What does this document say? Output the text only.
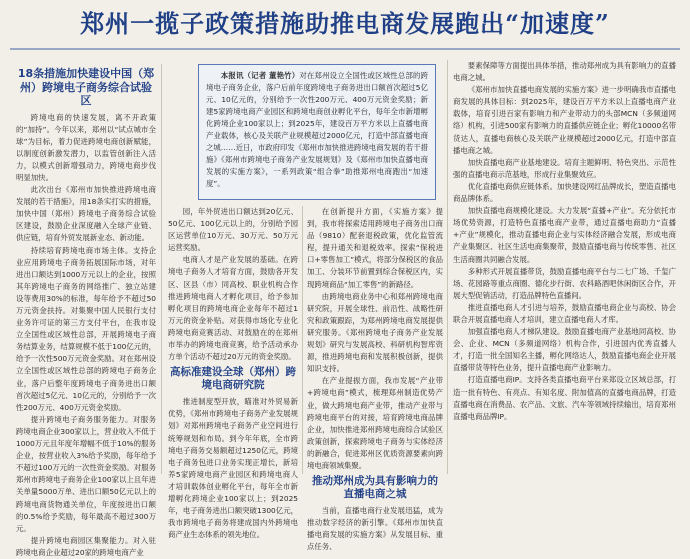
郑州一揽子政策措施助推电商发展跑出“加速度”
18条措施加快建设中国（郑州）跨境电子商务综合试验区

跨境电商的快速发展，离不开政策的“加持”。今年以来，郑州以“试点城市全球”为目标，着力促进跨境电商创新赋能，以制度创新激发潜力，以监管创新注入活力，以模式创新增强动力，跨境电商步伐明显加快。

此次出台《郑州市加快推进跨境电商发展的若干措施》，用18条实打实的措施，加快中国（郑州）跨境电子商务综合试验区建设，鼓励企业深度融入全球产业链、供应链，培育外贸发展新业态、新动能。

持续培育跨境电商市场主体。支持企业应用跨境电子商务拓展国际市场，对年进出口额达到1000万元以上的企业，按照其年跨境电子商务的网络推广、独立站建设等费用30%的标准，每年给予不超过50万元资金扶持。对集聚中国人民银行支付业务许可证的第三方支付平台，在我市设立全国性或区域性总部，开展跨境电子商务结算业务，结算规模不低于100亿元的，给予一次性500万元资金奖励。对在郑州设立全国性或区域性总部的跨境电子商务企业，落户后整年度跨境电子商务进出口额首次超过5亿元、10亿元的，分别给予一次性200万元、400万元资金奖励。

提升跨境电子商务服务能力。对服务跨境电商企业300家以上，营业收入不低于1000万元且年度年增幅不低于10%的服务企业，按营业收入3%给予奖励，每年给予不超过100万元的一次性资金奖励。对服务郑州市跨境电子商务企业100家以上且年进关单量5000万单、进出口额50亿元以上的跨境电商货物通关单位，年度按进出口额的0.5%给予奖励，每年最高不超过300万元。

提升跨境电商园区集聚能力。对入驻跨境电商企业超过20家的跨境电商产业

本报讯（记者 董艳竹）对在郑州设立全国性或区域性总部的跨境电子商务企业，落户后前年度跨境电子商务进出口额首次超过5亿元、10亿元的，分别给予一次性200万元、400万元资金奖励；新建5家跨境电商产业园区和跨境电商创业孵化平台，每年全市新增孵化跨境企业100家以上；到2025年，建设百万平方米以上直播电商产业载体，核心及关联产业规模超过2000亿元，打造中部直播电商之城……近日，市政府印发《郑州市加快推进跨境电商发展的若干措施》《郑州市跨境电子商务产业发展规划》及《郑州市加快直播电商发展的实施方案》，一系列政策“组合拳”助推郑州电商跑出“加速度”。

园，年外贸进出口额达到20亿元、50亿元、100亿元以上的，分别给予园区运营单位10万元、30万元、50万元运营奖励。

电商人才是产业发展的基础。在跨境电子商务人才培育方面，鼓励各开发区、区县（市）同高校、职业机构合作推进跨境电商人才孵化项目，给予参加孵化项目的跨境电商企业每年不超过1万元的资金补贴。对获得市场化专业化跨境电商竞赛活动、对鼓励在的在郑州市举办的跨境电商竞赛，给予活动承办方单个活动不超过20万元的资金奖励。

高标准建设全球（郑州）跨境电商研究院

推进制度型开放，瞄准对外贸易新优势，《郑州市跨境电子商务产业发展规划》对郑州跨境电子商务产业空间进行统筹规划和布局。到今年年底，全市跨境电子商务交易额超过1250亿元，跨境电子商务包进口业务实现正增长，新培养5家跨境电商产业园区和跨境电商人才培训载体创业孵化平台，每年全市新增孵化跨境企业100家以上；到2025年，电子商务进出口额突破1300亿元，我市跨境电子商务将建成国内外跨境电商产业生态体系的领先地位。

在创新提升方面，《实施方案》提到，我市将探索适用跨境电子商务出口商品（9810）配套退税政策，优化监管流程，提升通关和退税效率。探索“保税进口+零售加工”模式，将部分保税区的食品加工、分装环节前置到综合保税区内，实现跨境商品“加工零售”的新路径。

由跨境电商业务中心和郑州跨境电商研究院，开展全球性、前沿性、战略性研究和政策跟踪，为郑州跨境电商发展提供研究服务。《郑州跨境电子商务产业发展规划》研究与发展高校、科研机构智库资源，推进跨境电商和发展积极创新，提供知识支持。

在产业提振方面，我市发展“产业带+跨境电商”模式，梳理郑州制造优势产业，做大跨境电商产业带，推动产业带与跨境电商平台的对接，培育跨境电商品牌企业，加快推进郑州跨境电商综合试验区政策创新，探索跨境电子商务与实体经济的新融合，促进郑州区优质资源要素向跨境电商领域集聚。

推动郑州成为具有影响力的直播电商之城

当前，直播电商行业发展迅猛，成为推动数字经济的新引擎。《郑州市加快直播电商发展的实施方案》从发展目标、重点任务、

要素保障等方面提出具体举措，推动郑州成为具有影响力的直播电商之城。

《郑州市加快直播电商发展的实施方案》进一步明确我市直播电商发展的具体目标：到2025年，建设百万平方米以上直播电商产业载体，培育引进百家有影响力和产业带动力的头部MCN（多频道网络）机构，引进500家有影响力的直播供应链企业；孵化10000名带货达人，直播电商核心及关联产业规模超过2000亿元，打造中部直播电商之城。

加快直播电商产业基地建设。培育主题鲜明、特色突出、示范性强的直播电商示范基地，形成行业集聚效应。

优化直播电商供应链体系。加快建设网红品牌成长，塑造直播电商品牌体系。

加快直播电商规模化建设。大力发展“直播+产业”。充分依托市场优势资源，打造特色直播电商产业带，通过直播电商助力“直播+产业”规模化，推动直播电商企业与实体经济融合发展，形成电商产业集聚区、社区生活电商集聚带，鼓励直播电商与传统零售、社区生活商圈共同融合发展。

多种形式开展直播带货，鼓励直播电商平台与二七广场、千玺广场、花园路等重点商圈、德化步行街、农科路酒吧休闲街区合作，开展大型促销活动，打造品牌特色直播间。

推进直播电商人才引进与培养，鼓励直播电商企业与高校、协会联合开展直播电商人才培训，建立直播电商人才库。

加强直播电商人才梯队建设。鼓励直播电商产业基地同高校、协会、企业、MCN（多频道网络）机构合作，引进国内优秀直播人才，打造一批全国知名主播，孵化网络达人，鼓励直播电商企业开展直播带货等特色业务，提升直播电商产业影响力。

打造直播电商IP。支持各类直播电商平台来郑设立区域总部，打造一批有特色、有亮点、有知名度、附加值高的直播电商品牌，打造直播电商在消费品、农产品、文旅、汽车等领域持续输出，培育郑州直播电商品牌IP。
